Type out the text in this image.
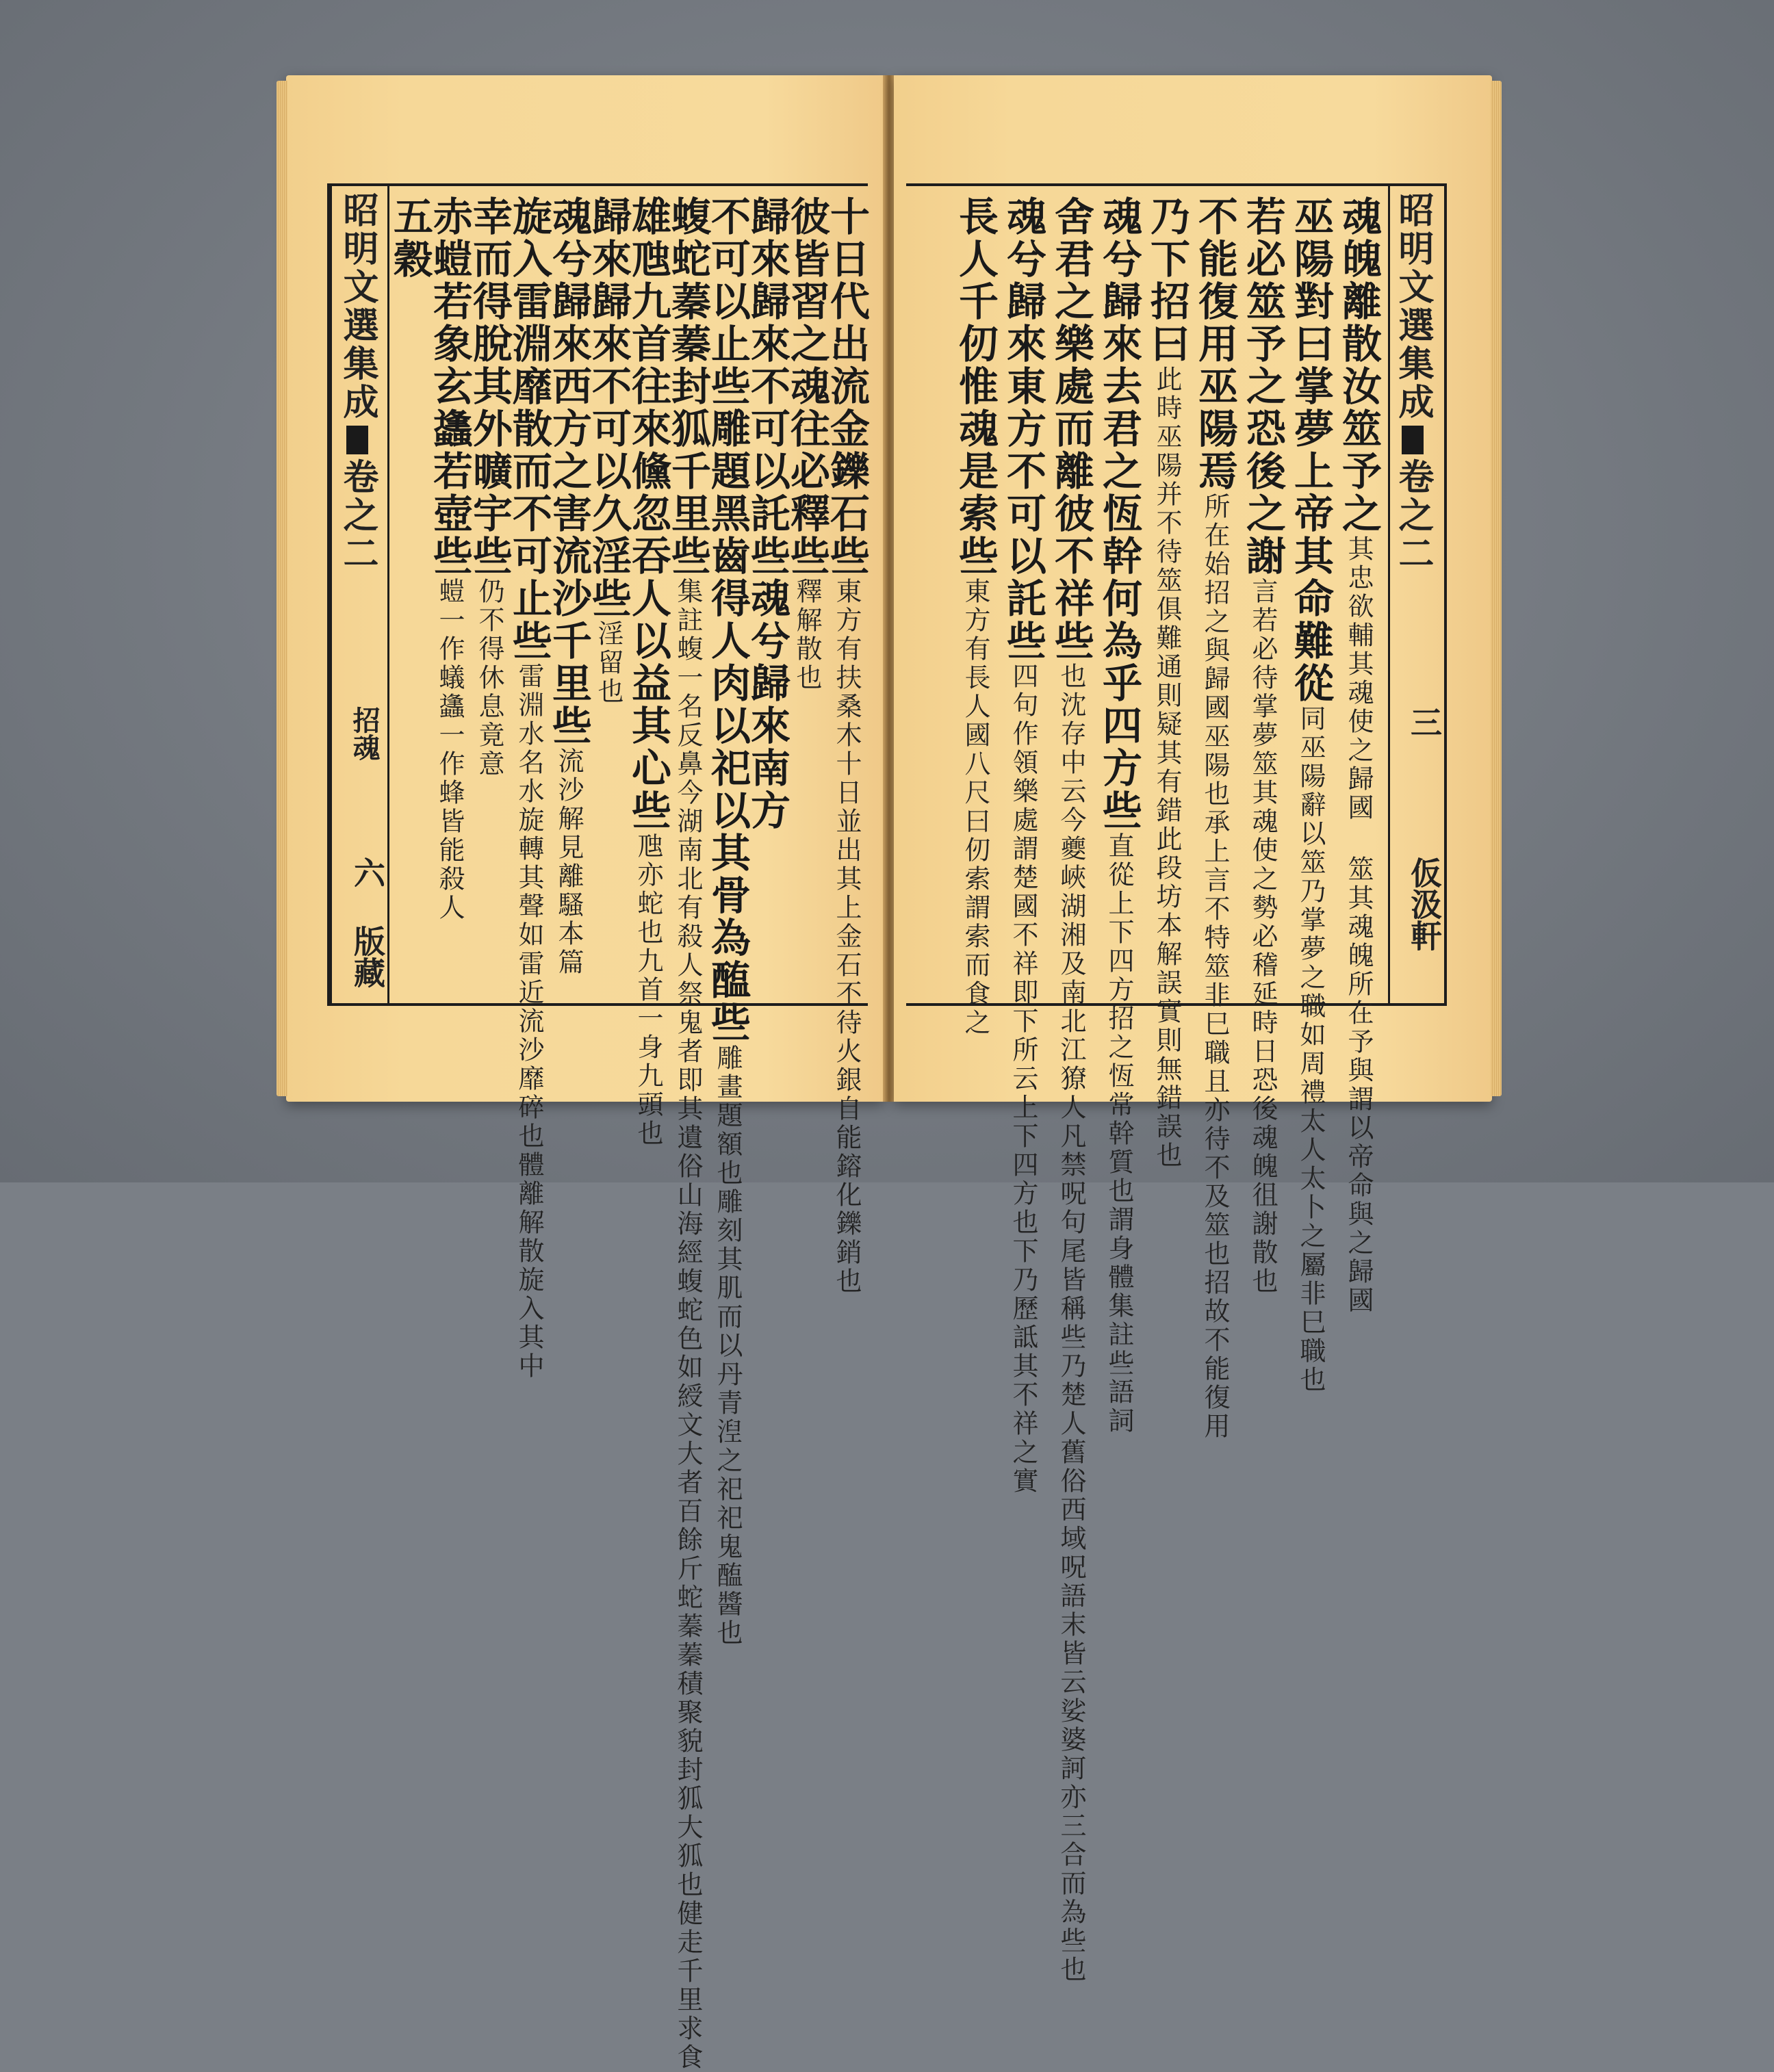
昭明文選集成卷之二
招魂
六
版藏
十日代出流金鑠石些東方有扶桑木十日並出其上金石不待火銀自能鎔化鑠銷也
彼皆習之魂往必釋些釋解散也
歸來歸來不可以託些魂兮歸來南方
不可以止些雕題黑齒得人肉以祀以其骨為醢些雕畫題額也雕刻其肌而以丹青湼之祀祀鬼醢醬也
蝮蛇蓁蓁封狐千里些集註蝮一名反鼻今湖南北有殺人祭鬼者即其遺俗山海經蝮蛇色如綬文大者百餘斤蛇蓁蓁積聚貌封狐大狐也健走千里求食
雄虺九首往來儵忽吞人以益其心些虺亦蛇也九首一身九頭也
歸來歸來不可以久淫些淫留也
魂兮歸來西方之害流沙千里些流沙解見離騷本篇
旋入雷淵靡散而不可止些雷淵水名水旋轉其聲如雷近流沙靡碎也體離解散旋入其中
幸而得脫其外曠宇些仍不得休息竟意
赤螘若象玄蠭若壺些螘一作蟻蠭一作蜂皆能殺人
五穀	昭明文選集成卷之二
三
仮汲軒
魂魄離散汝筮予之其忠欲輔其魂使之歸國 筮其魂魄所在予與謂以帝命與之歸國
巫陽對曰掌夢上帝其命難從同巫陽辭以筮乃掌夢之職如周禮太人太卜之屬非巳職也
若必筮予之恐後之謝言若必待掌夢筮其魂使之勢必稽延時日恐後魂魄徂謝散也
不能復用巫陽焉所在始招之與歸國巫陽也承上言不特筮非巳職且亦待不及筮也招故不能復用
乃下招曰此時巫陽并不待筮俱難通則疑其有錯此段坊本解誤實則無錯誤也
魂兮歸來去君之恆幹何為乎四方些直從上下四方招之恆常幹質也謂身體集註些語詞
舍君之樂處而離彼不祥些也沈存中云今夔峽湖湘及南北江獠人凡禁呪句尾皆稱些乃楚人舊俗西域呪語末皆云娑婆訶亦三合而為些也
魂兮歸來東方不可以託些四句作領樂處謂楚國不祥即下所云上下四方也下乃歷詆其不祥之實
長人千仞惟魂是索些東方有長人國八尺曰仞索謂索而食之
